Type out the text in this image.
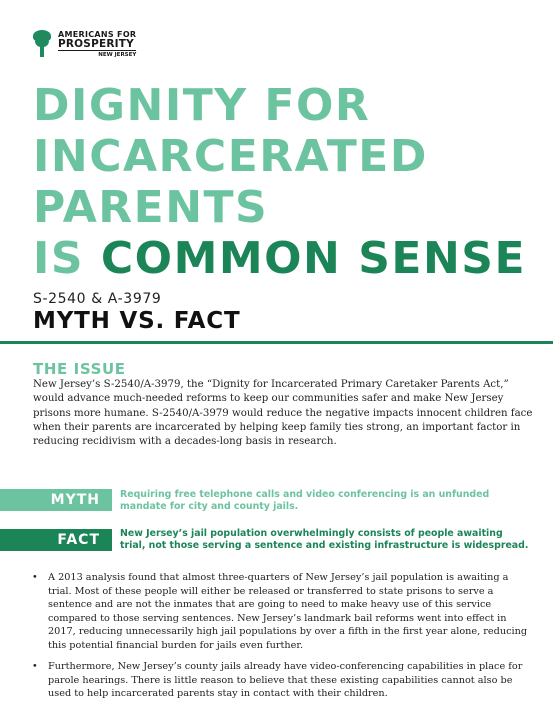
AMERICANS FOR
PROSPERITY
NEW JERSEY
DIGNITY FOR
INCARCERATED
PARENTS
IS COMMON SENSE
S-2540 & A-3979
MYTH VS. FACT
THE ISSUE
New Jersey’s S-2540/A-3979, the “Dignity for Incarcerated Primary Caretaker Parents Act,” would advance much-needed reforms to keep our communities safer and make New Jersey prisons more humane. S-2540/A-3979 would reduce the negative impacts innocent children face when their parents are incarcerated by helping keep family ties strong, an important factor in reducing recidivism with a decades-long basis in research.
MYTH	Requiring free telephone calls and video conferencing is an unfunded mandate for city and county jails.
FACT	New Jersey’s jail population overwhelmingly consists of people awaiting trial, not those serving a sentence and existing infrastructure is widespread.
• A 2013 analysis found that almost three-quarters of New Jersey’s jail population is awaiting a trial. Most of these people will either be released or transferred to state prisons to serve a sentence and are not the inmates that are going to need to make heavy use of this service compared to those serving sentences. New Jersey’s landmark bail reforms went into effect in 2017, reducing unnecessarily high jail populations by over a fifth in the first year alone, reducing this potential financial burden for jails even further.
• Furthermore, New Jersey’s county jails already have video-conferencing capabilities in place for parole hearings. There is little reason to believe that these existing capabilities cannot also be used to help incarcerated parents stay in contact with their children.
